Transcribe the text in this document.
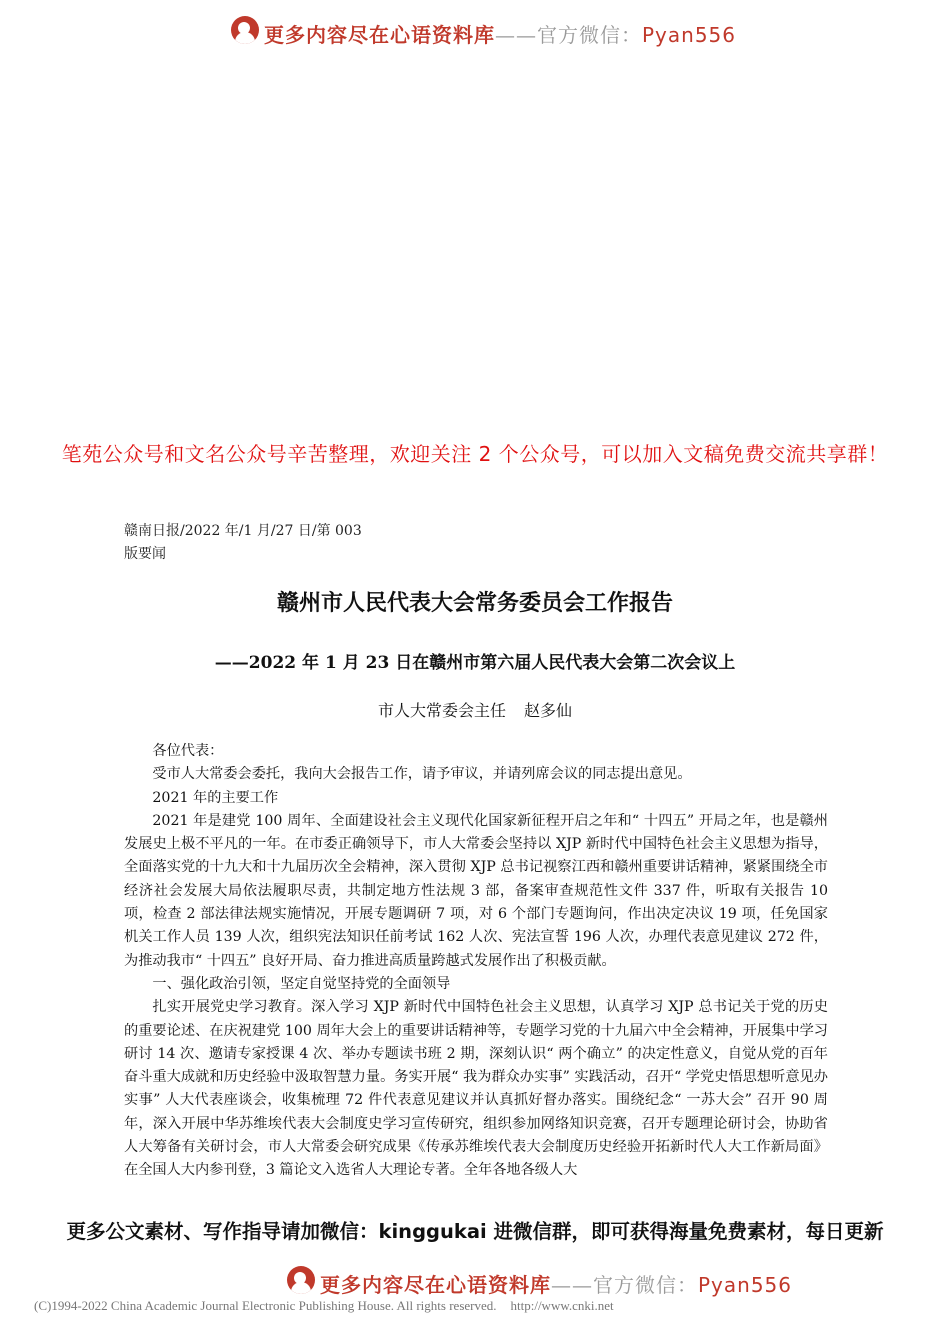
更多内容尽在心语资料库——官方微信：Pyan556
笔苑公众号和文名公众号辛苦整理，欢迎关注 2 个公众号，可以加入文稿免费交流共享群！
赣南日报/2022 年/1 月/27 日/第 003
版要闻
赣州市人民代表大会常务委员会工作报告
——2022 年 1 月 23 日在赣州市第六届人民代表大会第二次会议上
市人大常委会主任 赵多仙

各位代表：

受市人大常委会委托，我向大会报告工作，请予审议，并请列席会议的同志提出意见。

2021 年的主要工作

2021 年是建党 100 周年、全面建设社会主义现代化国家新征程开启之年和“ 十四五” 开局之年，也是赣州发展史上极不平凡的一年。在市委正确领导下，市人大常委会坚持以 XJP 新时代中国特色社会主义思想为指导，全面落实党的十九大和十九届历次全会精神，深入贯彻 XJP 总书记视察江西和赣州重要讲话精神，紧紧围绕全市经济社会发展大局依法履职尽责，共制定地方性法规 3 部，备案审查规范性文件 337 件，听取有关报告 10 项，检查 2 部法律法规实施情况，开展专题调研 7 项，对 6 个部门专题询问，作出决定决议 19 项，任免国家机关工作人员 139 人次，组织宪法知识任前考试 162 人次、宪法宣誓 196 人次，办理代表意见建议 272 件，为推动我市“ 十四五” 良好开局、奋力推进高质量跨越式发展作出了积极贡献。

一、强化政治引领，坚定自觉坚持党的全面领导

扎实开展党史学习教育。深入学习 XJP 新时代中国特色社会主义思想，认真学习 XJP 总书记关于党的历史的重要论述、在庆祝建党 100 周年大会上的重要讲话精神等，专题学习党的十九届六中全会精神，开展集中学习研讨 14 次、邀请专家授课 4 次、举办专题读书班 2 期，深刻认识“ 两个确立” 的决定性意义，自觉从党的百年奋斗重大成就和历史经验中汲取智慧力量。务实开展“ 我为群众办实事” 实践活动，召开“ 学党史悟思想听意见办实事” 人大代表座谈会，收集梳理 72 件代表意见建议并认真抓好督办落实。围绕纪念“ 一苏大会” 召开 90 周年，深入开展中华苏维埃代表大会制度史学习宣传研究，组织参加网络知识竞赛，召开专题理论研讨会，协助省人大筹备有关研讨会，市人大常委会研究成果《传承苏维埃代表大会制度历史经验开拓新时代人大工作新局面》在全国人大内参刊登，3 篇论文入选省人大理论专著。全年各地各级人大

更多公文素材、写作指导请加微信：kinggukai 进微信群，即可获得海量免费素材，每日更新
更多内容尽在心语资料库——官方微信：Pyan556
(C)1994-2022 China Academic Journal Electronic Publishing House. All rights reserved. http://www.cnki.net
